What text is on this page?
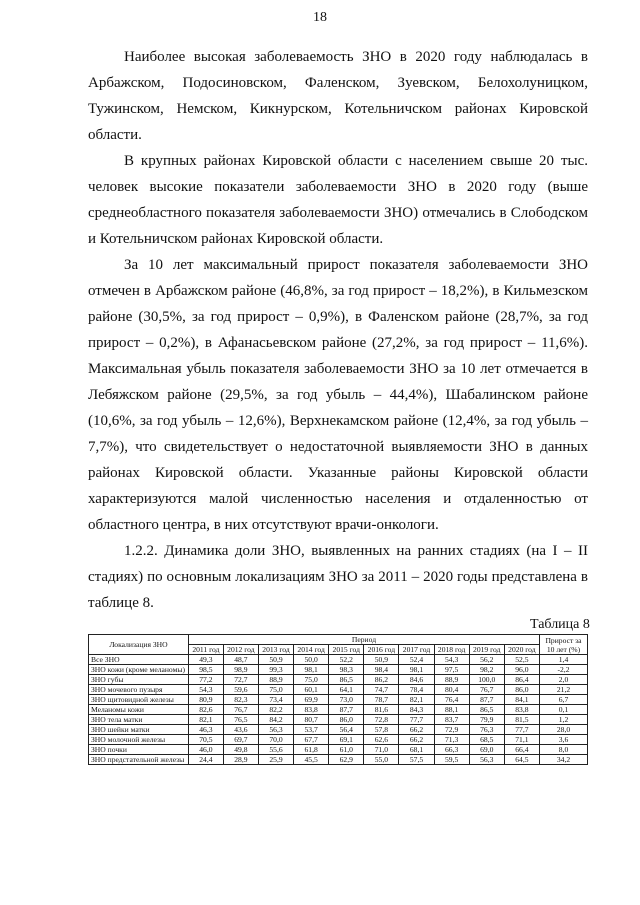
18

Наиболее высокая заболеваемость ЗНО в 2020 году наблюдалась в Арбажском, Подосиновском, Фаленском, Зуевском, Белохолуницком, Тужинском, Немском, Кикнурском, Котельничском районах Кировской области.

В крупных районах Кировской области с населением свыше 20 тыс. человек высокие показатели заболеваемости ЗНО в 2020 году (выше среднеобластного показателя заболеваемости ЗНО) отмечались в Слободском и Котельничском районах Кировской области.

За 10 лет максимальный прирост показателя заболеваемости ЗНО отмечен в Арбажском районе (46,8%, за год прирост – 18,2%), в Кильмезском районе (30,5%, за год прирост – 0,9%), в Фаленском районе (28,7%, за год прирост – 0,2%), в Афанасьевском районе (27,2%, за год прирост – 11,6%). Максимальная убыль показателя заболеваемости ЗНО за 10 лет отмечается в Лебяжском районе (29,5%, за год убыль – 44,4%), Шабалинском районе (10,6%, за год убыль – 12,6%), Верхнекамском районе (12,4%, за год убыль – 7,7%), что свидетельствует о недостаточной выявляемости ЗНО в данных районах Кировской области. Указанные районы Кировской области характеризуются малой численностью населения и отдаленностью от областного центра, в них отсутствуют врачи-онкологи.

1.2.2. Динамика доли ЗНО, выявленных на ранних стадиях (на I – II стадиях) по основным локализациям ЗНО за 2011 – 2020 годы представлена в таблице 8.

Таблица 8
Локализация ЗНО	Период										Прирост за 10 лет (%)
	2011 год	2012 год	2013 год	2014 год	2015 год	2016 год	2017 год	2018 год	2019 год	2020 год	
Все ЗНО	49,3	48,7	50,9	50,0	52,2	50,9	52,4	54,3	56,2	52,5	1,4
ЗНО кожи (кроме меланомы)	98,5	98,9	99,3	98,1	98,3	98,4	98,1	97,5	98,2	96,0	-2,2
ЗНО губы	77,2	72,7	88,9	75,0	86,5	86,2	84,6	88,9	100,0	86,4	2,0
ЗНО мочевого пузыря	54,3	59,6	75,0	60,1	64,1	74,7	78,4	80,4	76,7	86,0	21,2
ЗНО щитовидной железы	80,9	82,3	73,4	69,9	73,0	78,7	82,1	76,4	87,7	84,1	6,7
Меланомы кожи	82,6	76,7	82,2	83,8	87,7	81,6	84,3	88,1	86,5	83,8	0,1
ЗНО тела матки	82,1	76,5	84,2	80,7	86,0	72,8	77,7	83,7	79,9	81,5	1,2
ЗНО шейки матки	46,3	43,6	56,3	53,7	56,4	57,8	66,2	72,9	76,3	77,7	28,0
ЗНО молочной железы	70,5	69,7	70,0	67,7	69,1	62,6	66,2	71,3	68,5	71,1	3,6
ЗНО почки	46,0	49,8	55,6	61,8	61,0	71,0	68,1	66,3	69,0	66,4	8,0
ЗНО предстательной железы	24,4	28,9	25,9	45,5	62,9	55,0	57,5	59,5	56,3	64,5	34,2
